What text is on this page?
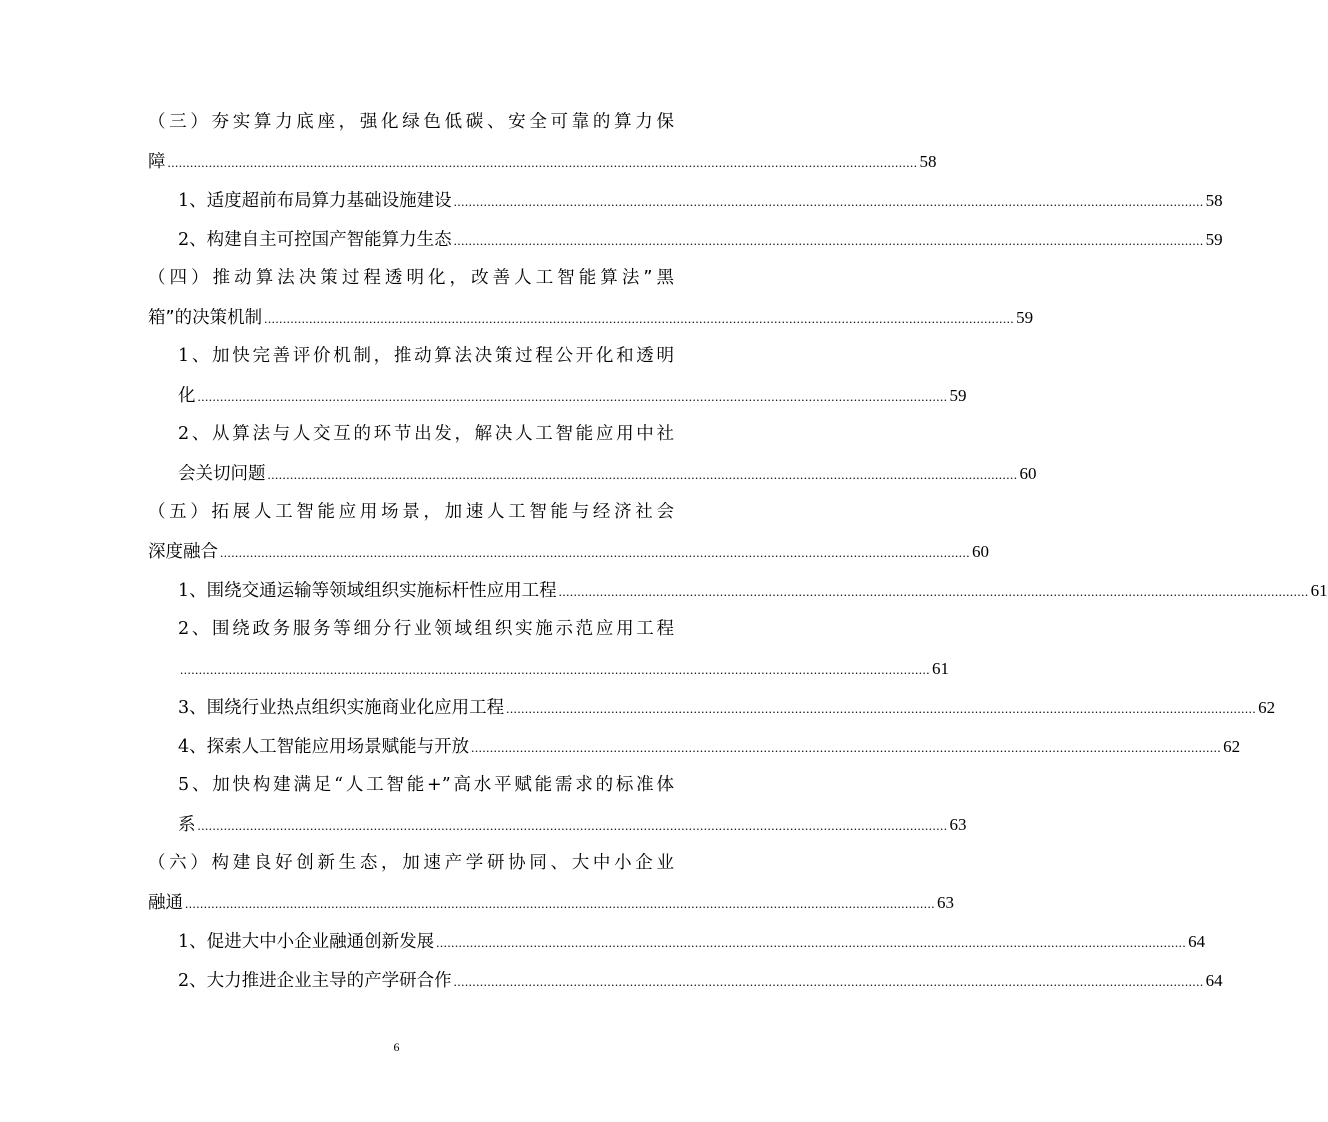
（三）夯实算力底座，强化绿色低碳、安全可靠的算力保
障 ........................................................................................................................................................................................................ 58
1、适度超前布局算力基础设施建设 ........................................................................................................................................................................................................ 58
2、构建自主可控国产智能算力生态 ........................................................................................................................................................................................................ 59
（四）推动算法决策过程透明化，改善人工智能算法”黑
箱”的决策机制 ........................................................................................................................................................................................................ 59
1、加快完善评价机制，推动算法决策过程公开化和透明
化 ........................................................................................................................................................................................................ 59
2、从算法与人交互的环节出发，解决人工智能应用中社
会关切问题 ........................................................................................................................................................................................................ 60
（五）拓展人工智能应用场景，加速人工智能与经济社会
深度融合 ........................................................................................................................................................................................................ 60
1、围绕交通运输等领域组织实施标杆性应用工程 ........................................................................................................................................................................................................ 61
2、围绕政务服务等细分行业领域组织实施示范应用工程
........................................................................................................................................................................................................ 61
3、围绕行业热点组织实施商业化应用工程 ........................................................................................................................................................................................................ 62
4、探索人工智能应用场景赋能与开放 ........................................................................................................................................................................................................ 62
5、加快构建满足“人工智能+”高水平赋能需求的标准体
系 ........................................................................................................................................................................................................ 63
（六）构建良好创新生态，加速产学研协同、大中小企业
融通 ........................................................................................................................................................................................................ 63
1、促进大中小企业融通创新发展 ........................................................................................................................................................................................................ 64
2、大力推进企业主导的产学研合作 ........................................................................................................................................................................................................ 64
6
